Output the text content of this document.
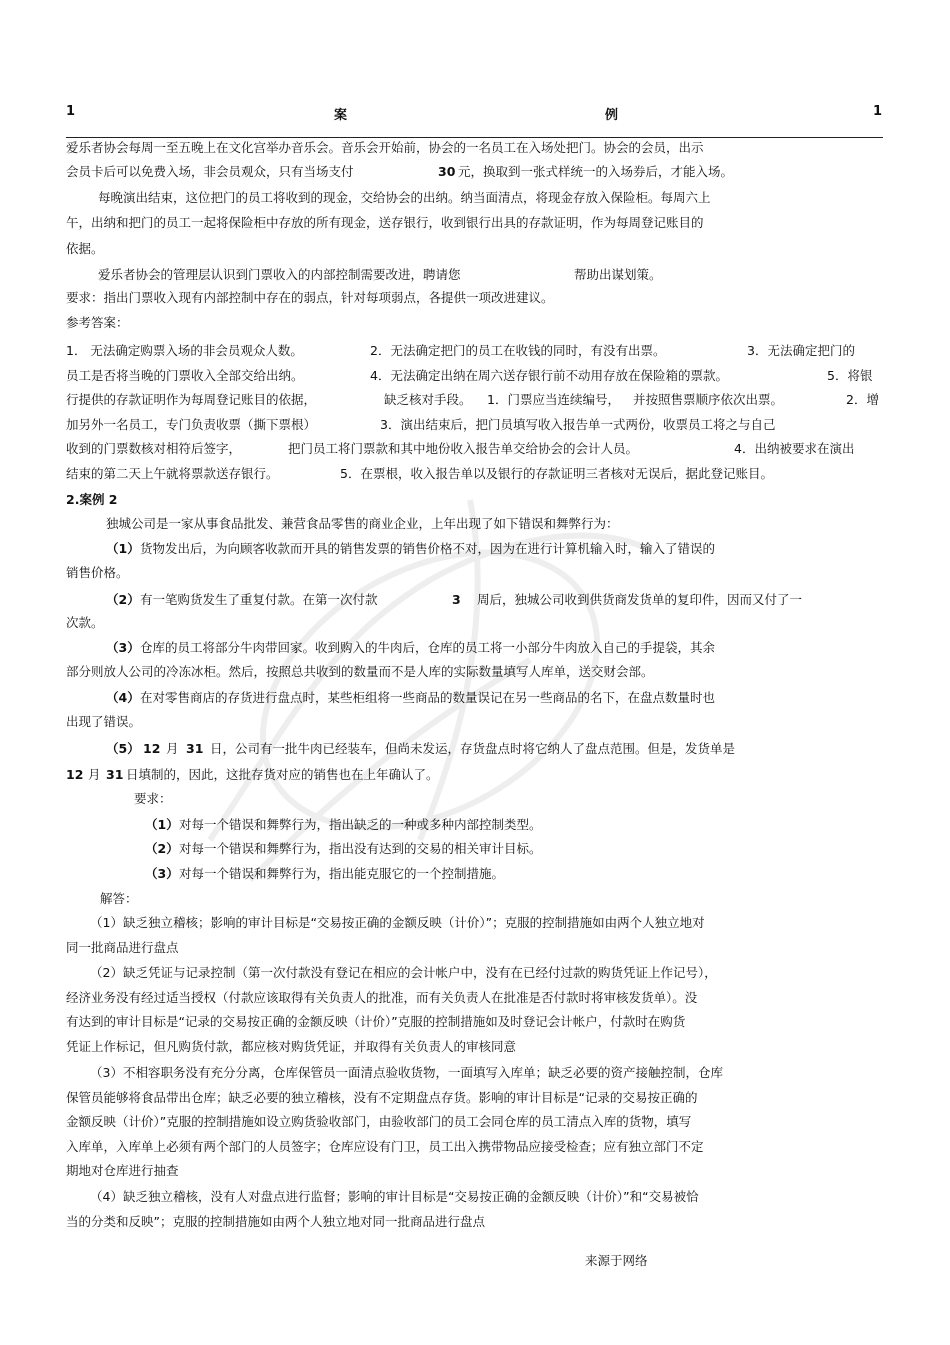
1	案	例	1
爱乐者协会每周一至五晚上在文化宫举办音乐会。音乐会开始前，协会的一名员工在入场处把门。协会的会员，出示
会员卡后可以免费入场，非会员观众，只有当场支付	30 元，换取到一张式样统一的入场券后，才能入场。
每晚演出结束，这位把门的员工将收到的现金，交给协会的出纳。纳当面清点，将现金存放入保险柜。每周六上
午，出纳和把门的员工一起将保险柜中存放的所有现金，送存银行，收到银行出具的存款证明，作为每周登记账目的
依据。
爱乐者协会的管理层认识到门票收入的内部控制需要改进，聘请您	帮助出谋划策。
要求：指出门票收入现有内部控制中存在的弱点，针对每项弱点，各提供一项改进建议。
参考答案：
1． 无法确定购票入场的非会员观众人数。	2．无法确定把门的员工在收钱的同时，有没有出票。	3．无法确定把门的
员工是否将当晚的门票收入全部交给出纳。	4．无法确定出纳在周六送存银行前不动用存放在保险箱的票款。	5．将银
行提供的存款证明作为每周登记账目的依据，	缺乏核对手段。 1．门票应当连续编号， 并按照售票顺序依次出票。	2．增
加另外一名员工，专门负责收票（撕下票根）	3．演出结束后，把门员填写收入报告单一式两份，收票员工将之与自己
收到的门票数核对相符后签字，	把门员工将门票款和其中地份收入报告单交给协会的会计人员。	4．出纳被要求在演出
结束的第二天上午就将票款送存银行。	5．在票根，收入报告单以及银行的存款证明三者核对无误后，据此登记账目。
2.案例 2
独城公司是一家从事食品批发、兼营食品零售的商业企业，上年出现了如下错误和舞弊行为：
（1） 货物发出后，为向顾客收款而开具的销售发票的销售价格不对，因为在进行计算机输入时，输入了错误的
销售价格。
（2） 有一笔购货发生了重复付款。在第一次付款	3 周后，独城公司收到供货商发货单的复印件，因而又付了一
次款。
（3） 仓库的员工将部分牛肉带回家。收到购入的牛肉后，仓库的员工将一小部分牛肉放入自己的手提袋，其余
部分则放人公司的冷冻冰柜。然后，按照总共收到的数量而不是人库的实际数量填写人库单，送交财会部。
（4） 在对零售商店的存货进行盘点时，某些柜组将一些商品的数量误记在另一些商品的名下，在盘点数量时也
出现了错误。
（5） 12 月 31 日，公司有一批牛肉已经装车，但尚未发运，存货盘点时将它纳人了盘点范围。但是，发货单是
12 月 31 日填制的，因此，这批存货对应的销售也在上年确认了。
要求：
（1） 对每一个错误和舞弊行为，指出缺乏的一种或多种内部控制类型。
（2） 对每一个错误和舞弊行为，指出没有达到的交易的相关审计目标。
（3） 对每一个错误和舞弊行为，指出能克服它的一个控制措施。
解答：
（1）缺乏独立稽核；影响的审计目标是“交易按正确的金额反映（计价）”；克服的控制措施如由两个人独立地对
同一批商品进行盘点
（2）缺乏凭证与记录控制（第一次付款没有登记在相应的会计帐户中，没有在已经付过款的购货凭证上作记号），
经济业务没有经过适当授权（付款应该取得有关负责人的批准，而有关负责人在批准是否付款时将审核发货单）。没
有达到的审计目标是“记录的交易按正确的金额反映（计价）”克服的控制措施如及时登记会计帐户，付款时在购货
凭证上作标记，但凡购货付款，都应核对购货凭证，并取得有关负责人的审核同意
（3）不相容职务没有充分分离，仓库保管员一面清点验收货物，一面填写入库单；缺乏必要的资产接触控制，仓库
保管员能够将食品带出仓库；缺乏必要的独立稽核，没有不定期盘点存货。影响的审计目标是“记录的交易按正确的
金额反映（计价）”克服的控制措施如设立购货验收部门，由验收部门的员工会同仓库的员工清点入库的货物，填写
入库单，入库单上必须有两个部门的人员签字；仓库应设有门卫，员工出入携带物品应接受检查；应有独立部门不定
期地对仓库进行抽查
（4）缺乏独立稽核，没有人对盘点进行监督；影响的审计目标是“交易按正确的金额反映（计价）”和“交易被恰
当的分类和反映”；克服的控制措施如由两个人独立地对同一批商品进行盘点
来源于网络
